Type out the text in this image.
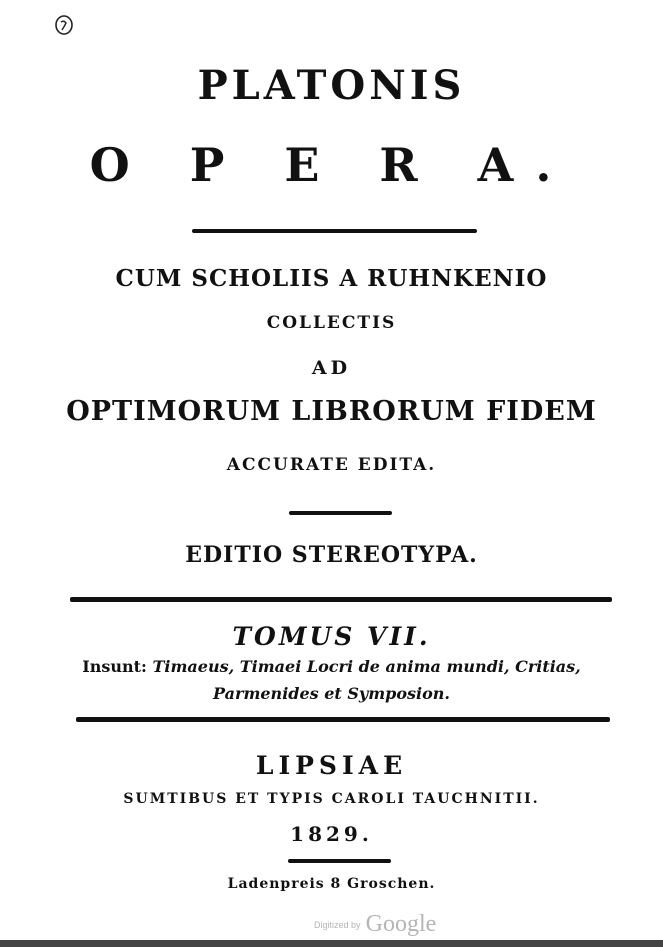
PLATONIS
O P E R A.
CUM SCHOLIIS A RUHNKENIO
COLLECTIS
AD
OPTIMORUM LIBRORUM FIDEM
ACCURATE EDITA.
EDITIO STEREOTYPA.
TOMUS VII.
Insunt: Timaeus, Timaei Locri de anima mundi, Critias,
Parmenides et Symposion.
LIPSIAE
SUMTIBUS ET TYPIS CAROLI TAUCHNITII.
1829.
Ladenpreis 8 Groschen.
Digitized by Google
